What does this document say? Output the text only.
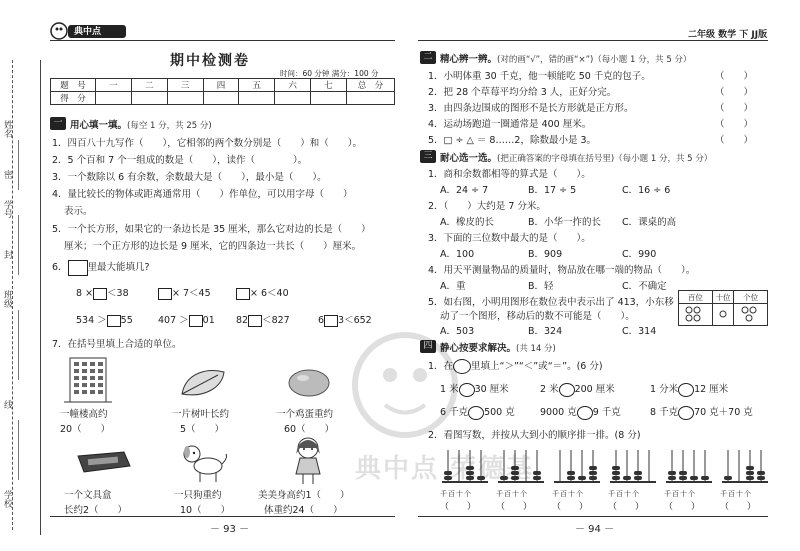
学校
线
班级
封
学号
密
姓名
典中点	二年级 数学 下 JJ版
期中检测卷
时间：60 分钟 满分：100 分
题　号	一	二	三	四	五	六	七	总　分
得　分								
一 用心填一填。(每空 1 分，共 25 分)
1．四百八十九写作（　　），它相邻的两个数分别是（　　）和（　　）。
2．5 个百和 7 个一组成的数是（　　），读作（　　　　）。
3．一个数除以 6 有余数，余数最大是（　　），最小是（　　）。
4．量比较长的物体或距离通常用（　　）作单位，可以用字母（　　）
表示。
5．一个长方形，如果它的一条边长是 35 厘米，那么它对边的长是（　　）
厘米；一个正方形的边长是 9 厘米，它的四条边一共长（　　）厘米。
6． 里最大能填几?
8 × ＜38	× 7＜45	× 6＜40
534 ＞ 55	407 ＞ 01 82 ＜827	6 3＜652
7．在括号里填上合适的单位。
一幢楼高约
20（　　）
一片树叶长约
5（　　）
一个鸡蛋重约
60（　　）
一个文具盒
长约2（　　）
一只狗重约
10（　　）
美美身高约1（　　）
体重约24（　　）
－ 93 －
二 精心辨一辨。(对的画“√”，错的画“×”)（每小题 1 分，共 5 分）
1．小明体重 30 千克，他一顿能吃 50 千克的包子。
2．把 28 个草莓平均分给 3 人，正好分完。
3．由四条边围成的图形不是长方形就是正方形。
4．运动场跑道一圈通常是 400 厘米。
5．□ ÷ △ ＝ 8……2，除数最小是 3。
（　　）
（　　）
（　　）
（　　）
（　　）
三 耐心选一选。(把正确答案的字母填在括号里)（每小题 1 分，共 5 分）
1．商和余数都相等的算式是（　　）。
A．24 ÷ 7	B．17 ÷ 5	C．16 ÷ 6
2．（　　）大约是 7 分米。
A．橡皮的长	B．小华一拃的长 C．课桌的高
3．下面的三位数中最大的是（　　）。
A．100	B．909	C．990
4．用天平测量物品的质量时，物品放在哪一端的物品（　　）。
A．重	B．轻	C．不确定
5．如右图，小明用图形在数位表中表示出了 413，小东移
动了一个图形，移动后的数不可能是（　　）。
A．503	B．324	C．314
百位	十位	个位

四 静心按要求解决。(共 14 分)
1．在 里填上“＞”“＜”或“＝”。(6 分)
1 米 30 厘米	2 米 200 厘米	1 分米 12 厘米
6 千克 500 克	9000 克 9 千克	8 千克 70 克＋70 克
2．看图写数，并按从大到小的顺序排一排。(8 分)
千百十个
（　　）
千百十个
（　　）
千百十个
（　　）
千百十个
（　　）
千百十个
（　　）
千百十个
（　　）
－ 94 －
典中点 荣德基
